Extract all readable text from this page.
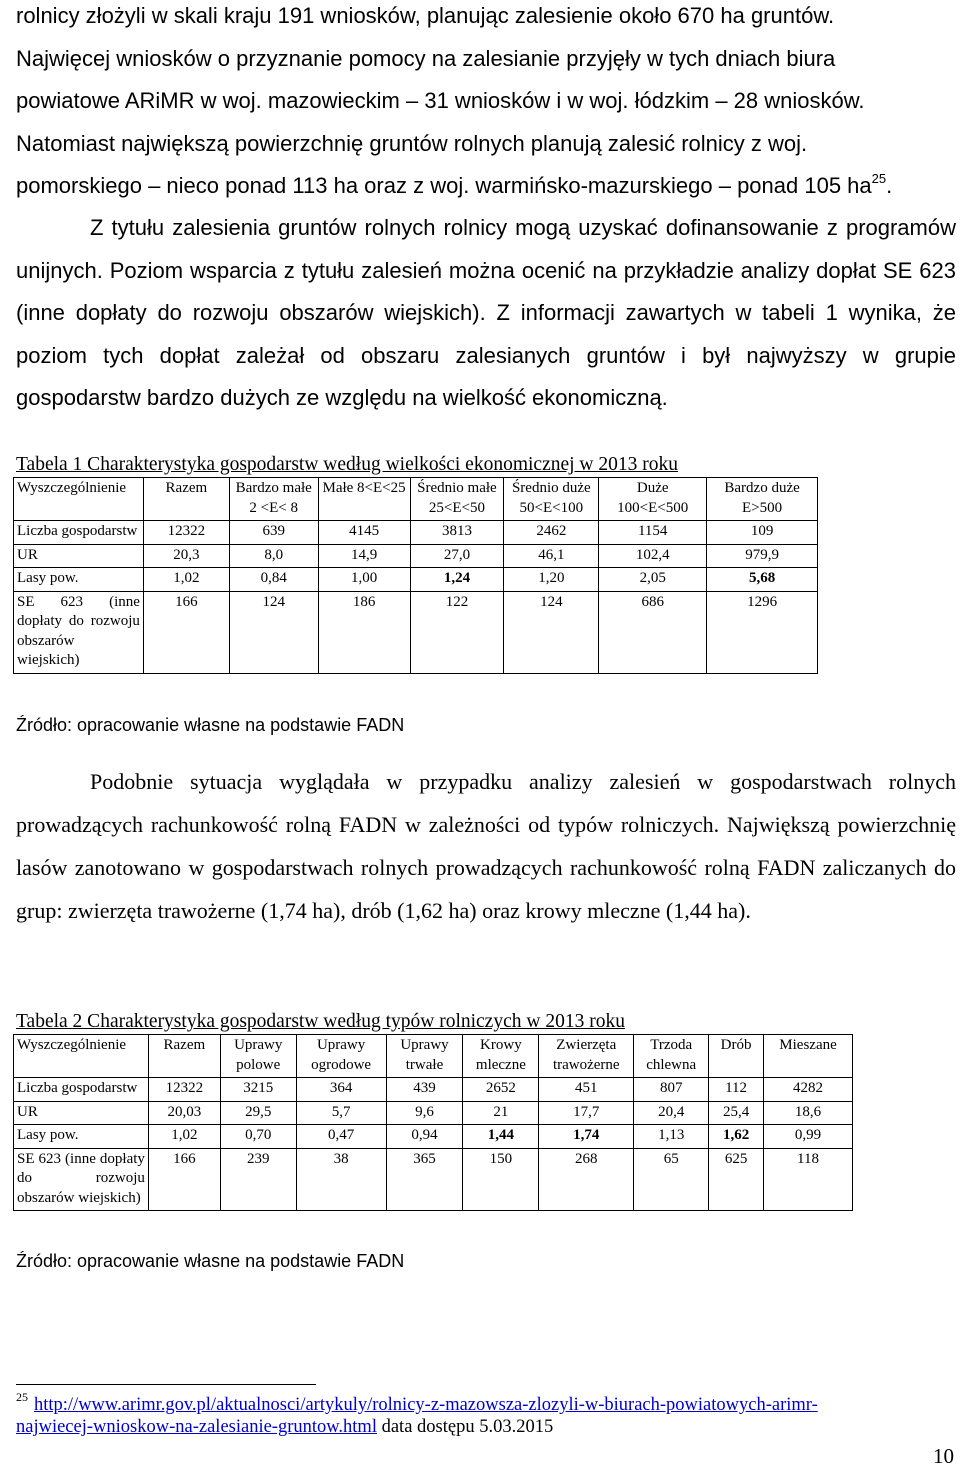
rolnicy złożyli w skali kraju 191 wniosków, planując zalesienie około 670 ha gruntów.

Najwięcej wniosków o przyznanie pomocy na zalesianie przyjęły w tych dniach biura

powiatowe ARiMR w woj. mazowieckim – 31 wniosków i w woj. łódzkim – 28 wniosków.

Natomiast największą powierzchnię gruntów rolnych planują zalesić rolnicy z woj.

pomorskiego – nieco ponad 113 ha oraz z woj. warmińsko-mazurskiego – ponad 105 $ha^{25}$.

Z tytułu zalesienia gruntów rolnych rolnicy mogą uzyskać dofinansowanie z programów unijnych. Poziom wsparcia z tytułu zalesień można ocenić na przykładzie analizy dopłat SE 623 (inne dopłaty do rozwoju obszarów wiejskich). Z informacji zawartych w tabeli 1 wynika, że poziom tych dopłat zależał od obszaru zalesianych gruntów i był najwyższy w grupie gospodarstw bardzo dużych ze względu na wielkość ekonomiczną.

Tabela 1 Charakterystyka gospodarstw według wielkości ekonomicznej w 2013 roku

Wyszczególnienie	Razem	Bardzo małe 2 <E< 8	Małe 8<E<25	Średnio małe 25<E<50	Średnio duże 50<E<100	Duże 100<E<500	Bardzo duże E>500
Liczba gospodarstw	12322	639	4145	3813	2462	1154	109
UR	20,3	8,0	14,9	27,0	46,1	102,4	979,9
Lasy pow.	1,02	0,84	1,00	1,24	1,20	2,05	5,68
SE 623 (inne dopłaty do rozwoju obszarów wiejskich)	166	124	186	122	124	686	1296

Źródło: opracowanie własne na podstawie FADN

Podobnie sytuacja wyglądała w przypadku analizy zalesień w gospodarstwach rolnych prowadzących rachunkowość rolną FADN w zależności od typów rolniczych. Największą powierzchnię lasów zanotowano w gospodarstwach rolnych prowadzących rachunkowość rolną FADN zaliczanych do grup: zwierzęta trawożerne (1,74 ha), drób (1,62 ha) oraz krowy mleczne (1,44 ha).

Tabela 2 Charakterystyka gospodarstw według typów rolniczych w 2013 roku

Wyszczególnienie	Razem	Uprawy polowe	Uprawy ogrodowe	Uprawy trwałe	Krowy mleczne	Zwierzęta trawożerne	Trzoda chlewna	Drób	Mieszane
Liczba gospodarstw	12322	3215	364	439	2652	451	807	112	4282
UR	20,03	29,5	5,7	9,6	21	17,7	20,4	25,4	18,6
Lasy pow.	1,02	0,70	0,47	0,94	1,44	1,74	1,13	1,62	0,99
SE 623 (inne dopłaty do rozwoju obszarów wiejskich)	166	239	38	365	150	268	65	625	118

Źródło: opracowanie własne na podstawie FADN

$^{25}$ http://www.arimr.gov.pl/aktualnosci/artykuly/rolnicy-z-mazowsza-zlozyli-w-biurach-powiatowych-arimr-
najwiecej-wnioskow-na-zalesianie-gruntow.html data dostępu 5.03.2015

10
